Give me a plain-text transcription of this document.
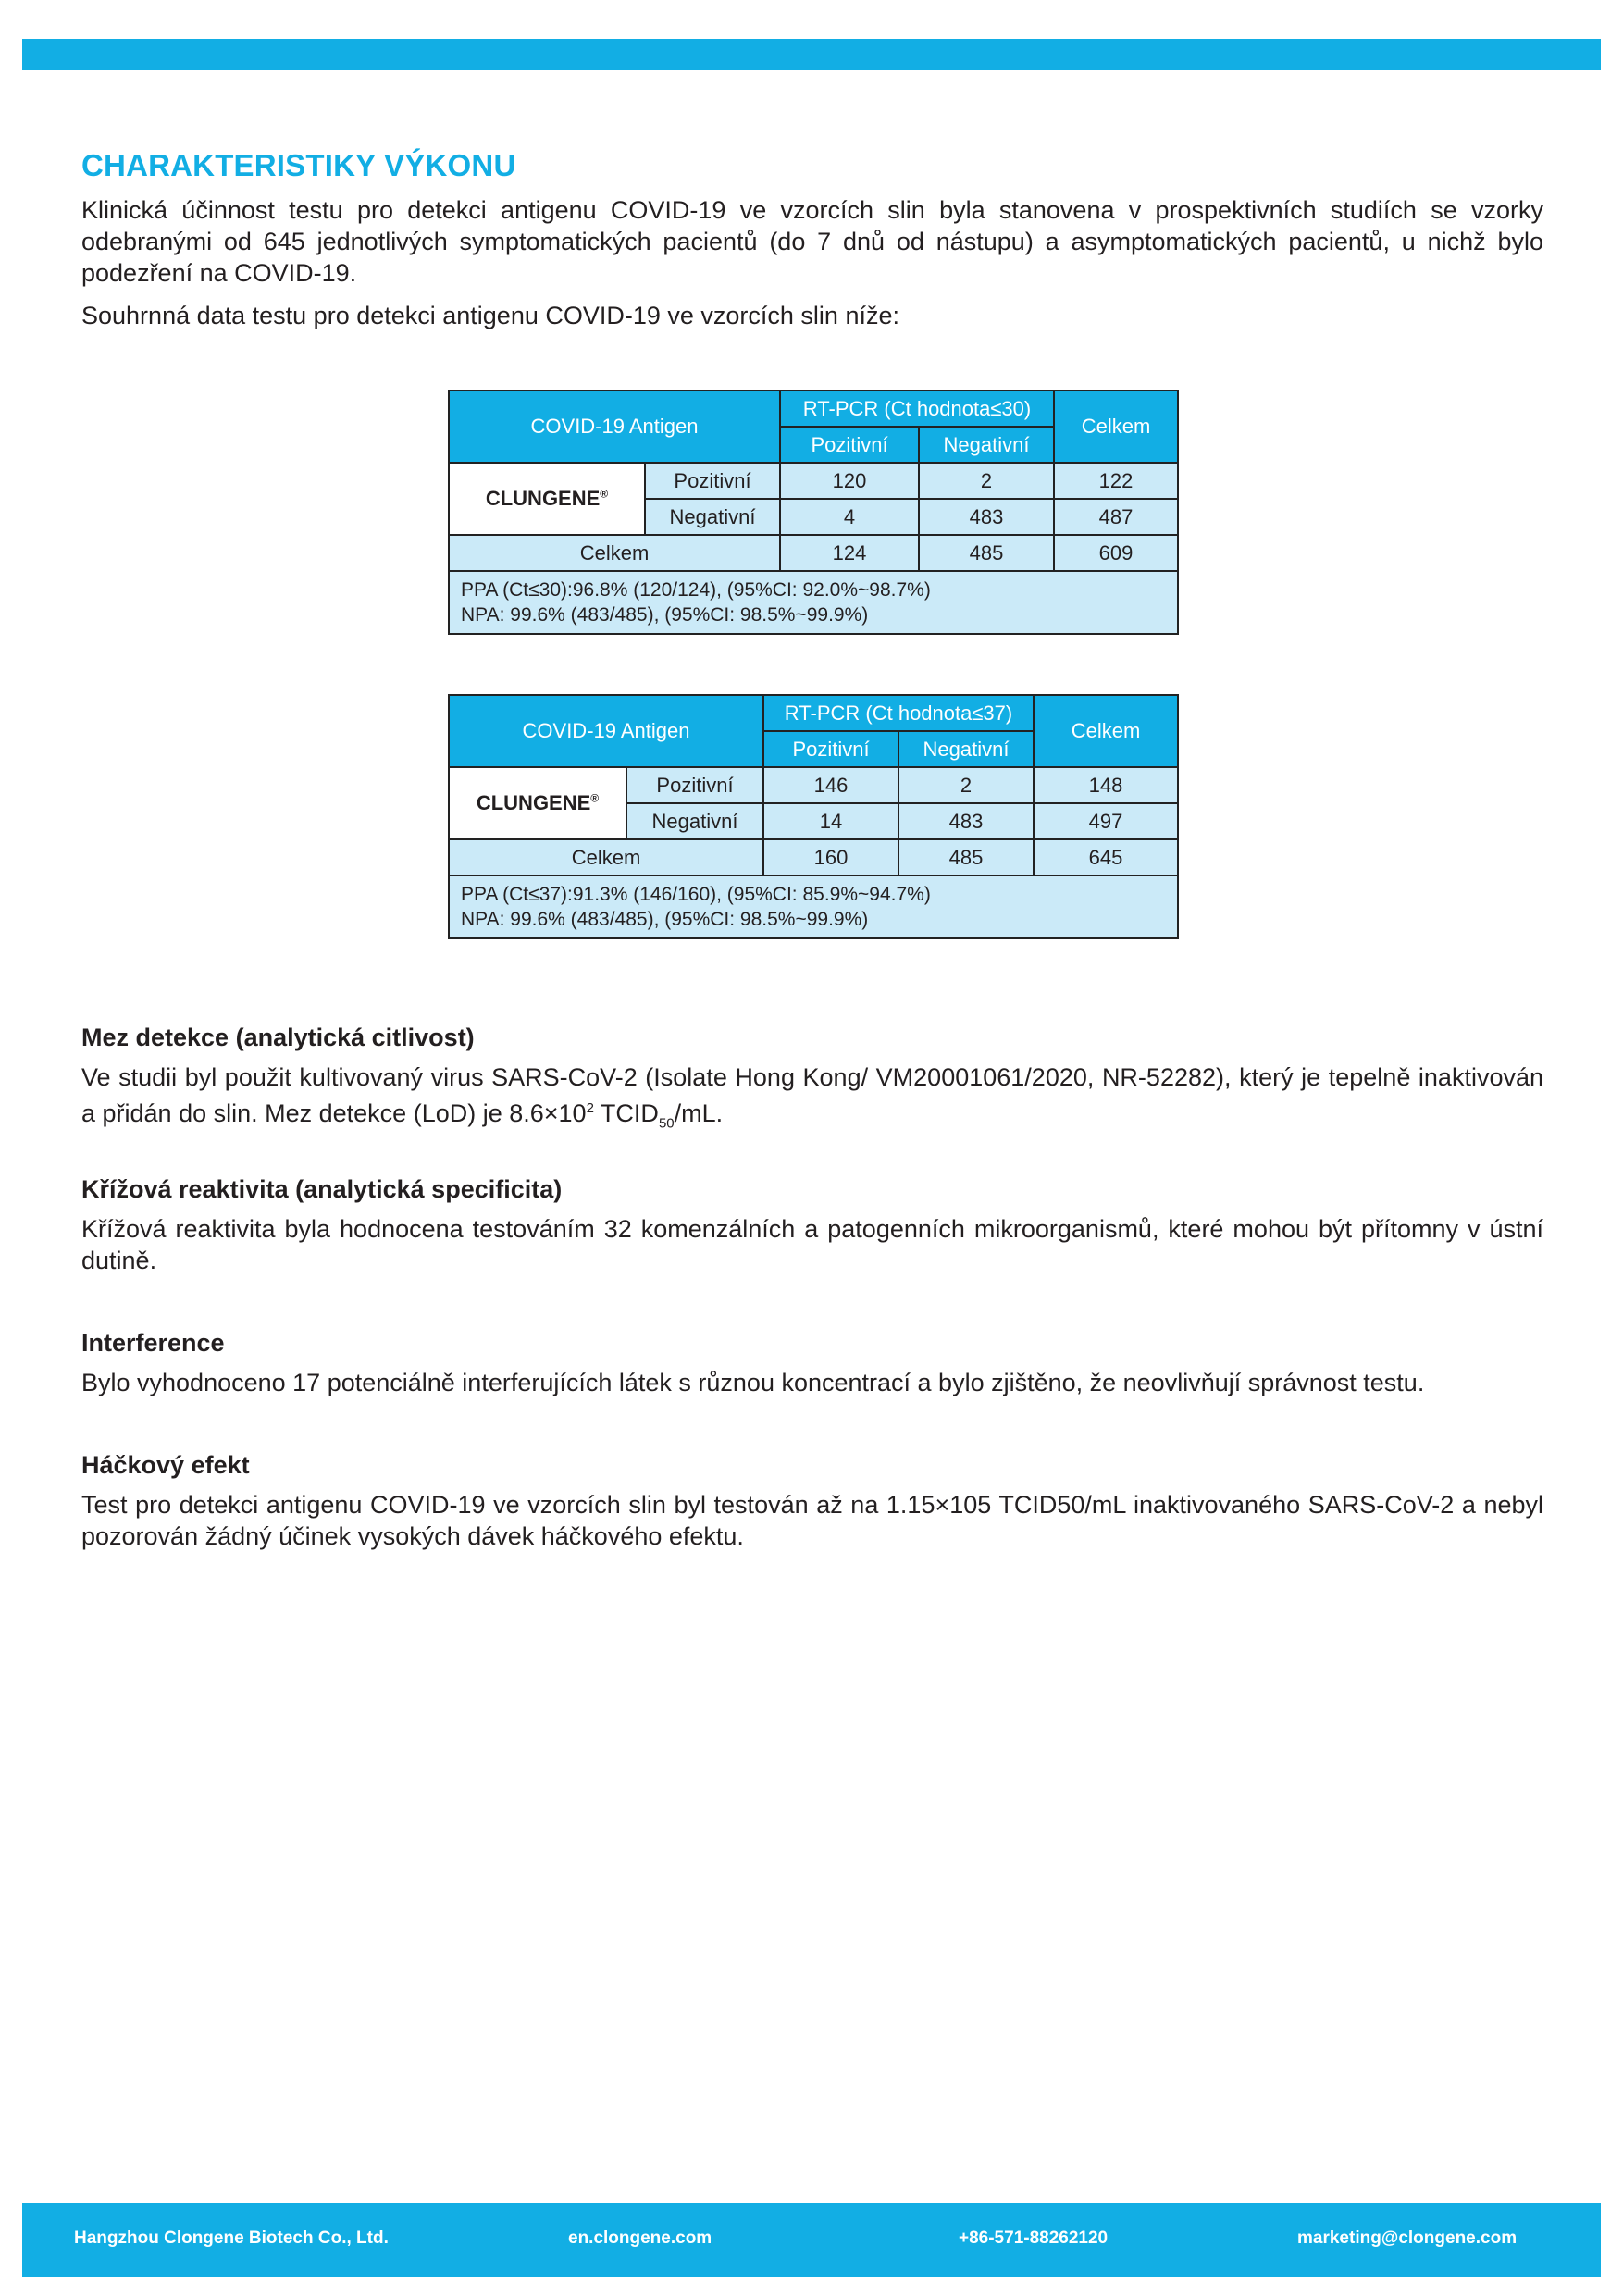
CHARAKTERISTIKY VÝKONU

Klinická účinnost testu pro detekci antigenu COVID-19 ve vzorcích slin byla stanovena v prospektivních studiích se vzorky odebranými od 645 jednotlivých symptomatických pacientů (do 7 dnů od nástupu) a asymptomatických pacientů, u nichž bylo podezření na COVID-19.

Souhrnná data testu pro detekci antigenu COVID-19 ve vzorcích slin níže:

COVID-19 Antigen		RT-PCR (Ct hodnota≤30)		Celkem
		Pozitivní	Negativní	
CLUNGENE®	Pozitivní	120	2	122
	Negativní	4	483	487
Celkem		124	485	609

PPA (Ct≤30):96.8% (120/124), (95%CI: 92.0%~98.7%)
NPA: 99.6% (483/485), (95%CI: 98.5%~99.9%)				
COVID-19 Antigen		RT-PCR (Ct hodnota≤37)		Celkem
		Pozitivní	Negativní	
CLUNGENE®	Pozitivní	146	2	148
	Negativní	14	483	497
Celkem		160	485	645

PPA (Ct≤37):91.3% (146/160), (95%CI: 85.9%~94.7%)
NPA: 99.6% (483/485), (95%CI: 98.5%~99.9%)				
Mez detekce (analytická citlivost)

Ve studii byl použit kultivovaný virus SARS-CoV-2 (Isolate Hong Kong/ VM20001061/2020, NR-52282), který je tepelně inaktivován a přidán do slin. Mez detekce (LoD) je $8.6\times 10^2$ $TCID_{50}/mL$.

Křížová reaktivita (analytická specificita)

Křížová reaktivita byla hodnocena testováním 32 komenzálních a patogenních mikroorganismů, které mohou být přítomny v ústní dutině.

Interference

Bylo vyhodnoceno 17 potenciálně interferujících látek s různou koncentrací a bylo zjištěno, že neovlivňují správnost testu.

Háčkový efekt

Test pro detekci antigenu COVID-19 ve vzorcích slin byl testován až na 1.15×105 TCID50/mL inaktivovaného SARS-CoV-2 a nebyl pozorován žádný účinek vysokých dávek háčkového efektu.

Hangzhou Clongene Biotech Co., Ltd.	en.clongene.com	+86-571-88262120	marketing@clongene.com
